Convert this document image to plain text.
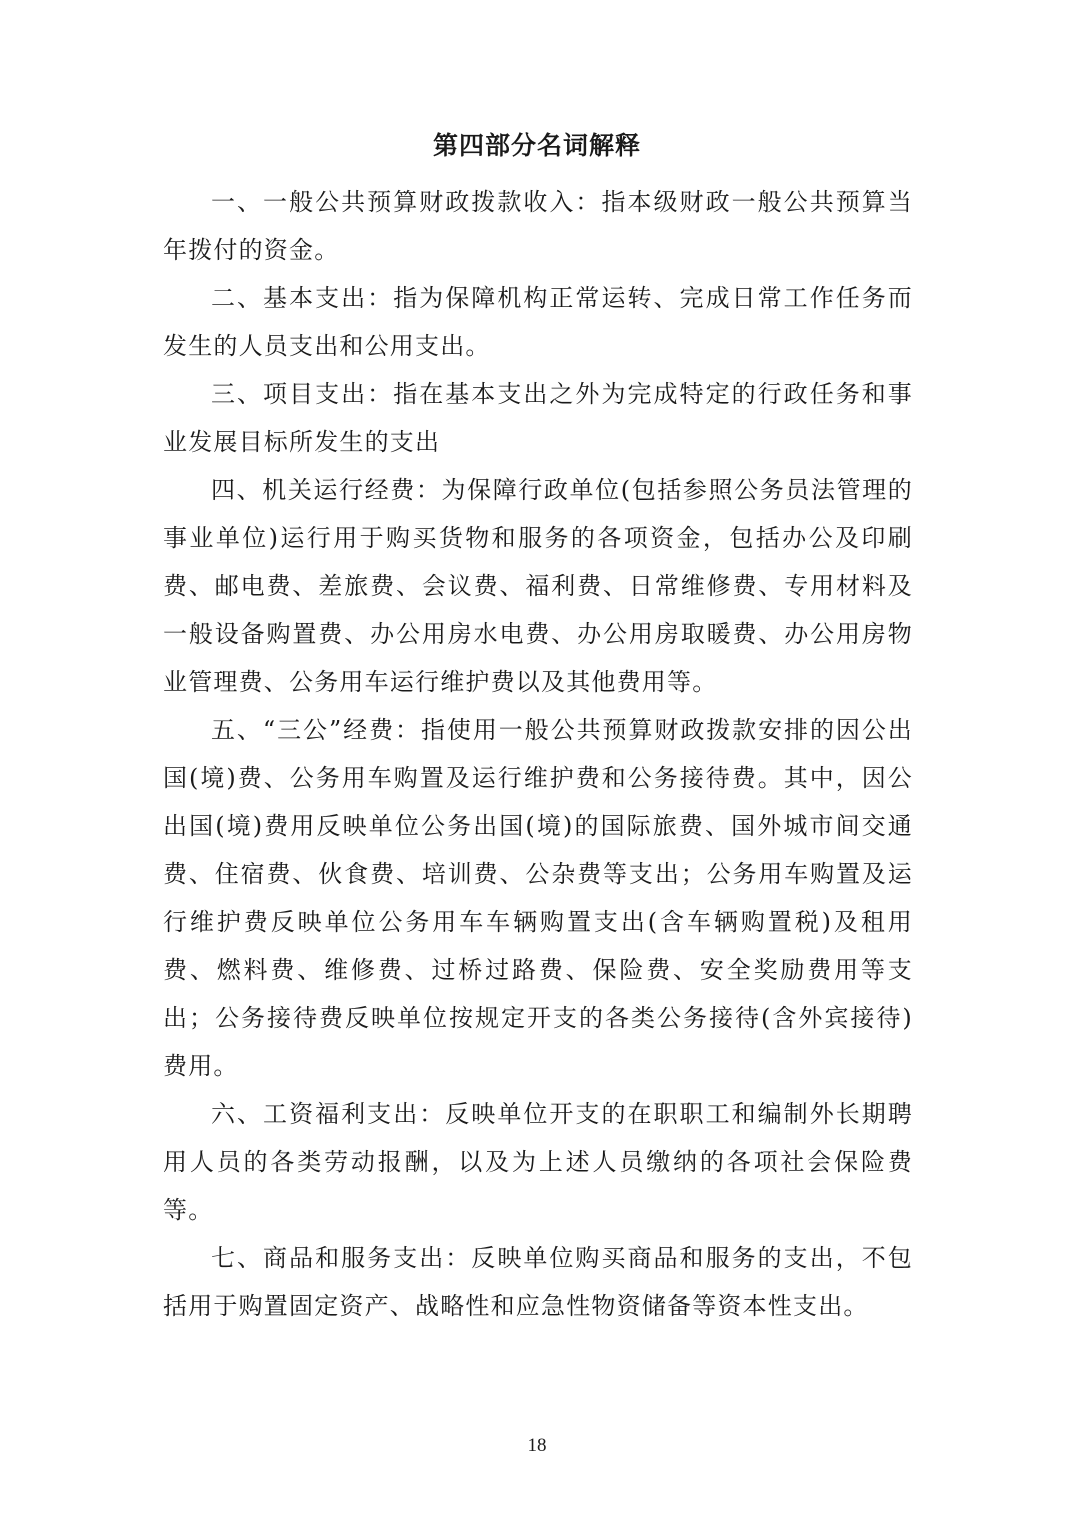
第四部分名词解释

一、一般公共预算财政拨款收入：指本级财政一般公共预算当年拨付的资金。

二、基本支出：指为保障机构正常运转、完成日常工作任务而发生的人员支出和公用支出。

三、项目支出：指在基本支出之外为完成特定的行政任务和事业发展目标所发生的支出

四、机关运行经费：为保障行政单位(包括参照公务员法管理的事业单位)运行用于购买货物和服务的各项资金，包括办公及印刷费、邮电费、差旅费、会议费、福利费、日常维修费、专用材料及一般设备购置费、办公用房水电费、办公用房取暖费、办公用房物业管理费、公务用车运行维护费以及其他费用等。

五、“三公”经费：指使用一般公共预算财政拨款安排的因公出国(境)费、公务用车购置及运行维护费和公务接待费。其中，因公出国(境)费用反映单位公务出国(境)的国际旅费、国外城市间交通费、住宿费、伙食费、培训费、公杂费等支出；公务用车购置及运行维护费反映单位公务用车车辆购置支出(含车辆购置税)及租用费、燃料费、维修费、过桥过路费、保险费、安全奖励费用等支出；公务接待费反映单位按规定开支的各类公务接待(含外宾接待)费用。

六、工资福利支出：反映单位开支的在职职工和编制外长期聘用人员的各类劳动报酬，以及为上述人员缴纳的各项社会保险费等。

七、商品和服务支出：反映单位购买商品和服务的支出，不包括用于购置固定资产、战略性和应急性物资储备等资本性支出。

18
